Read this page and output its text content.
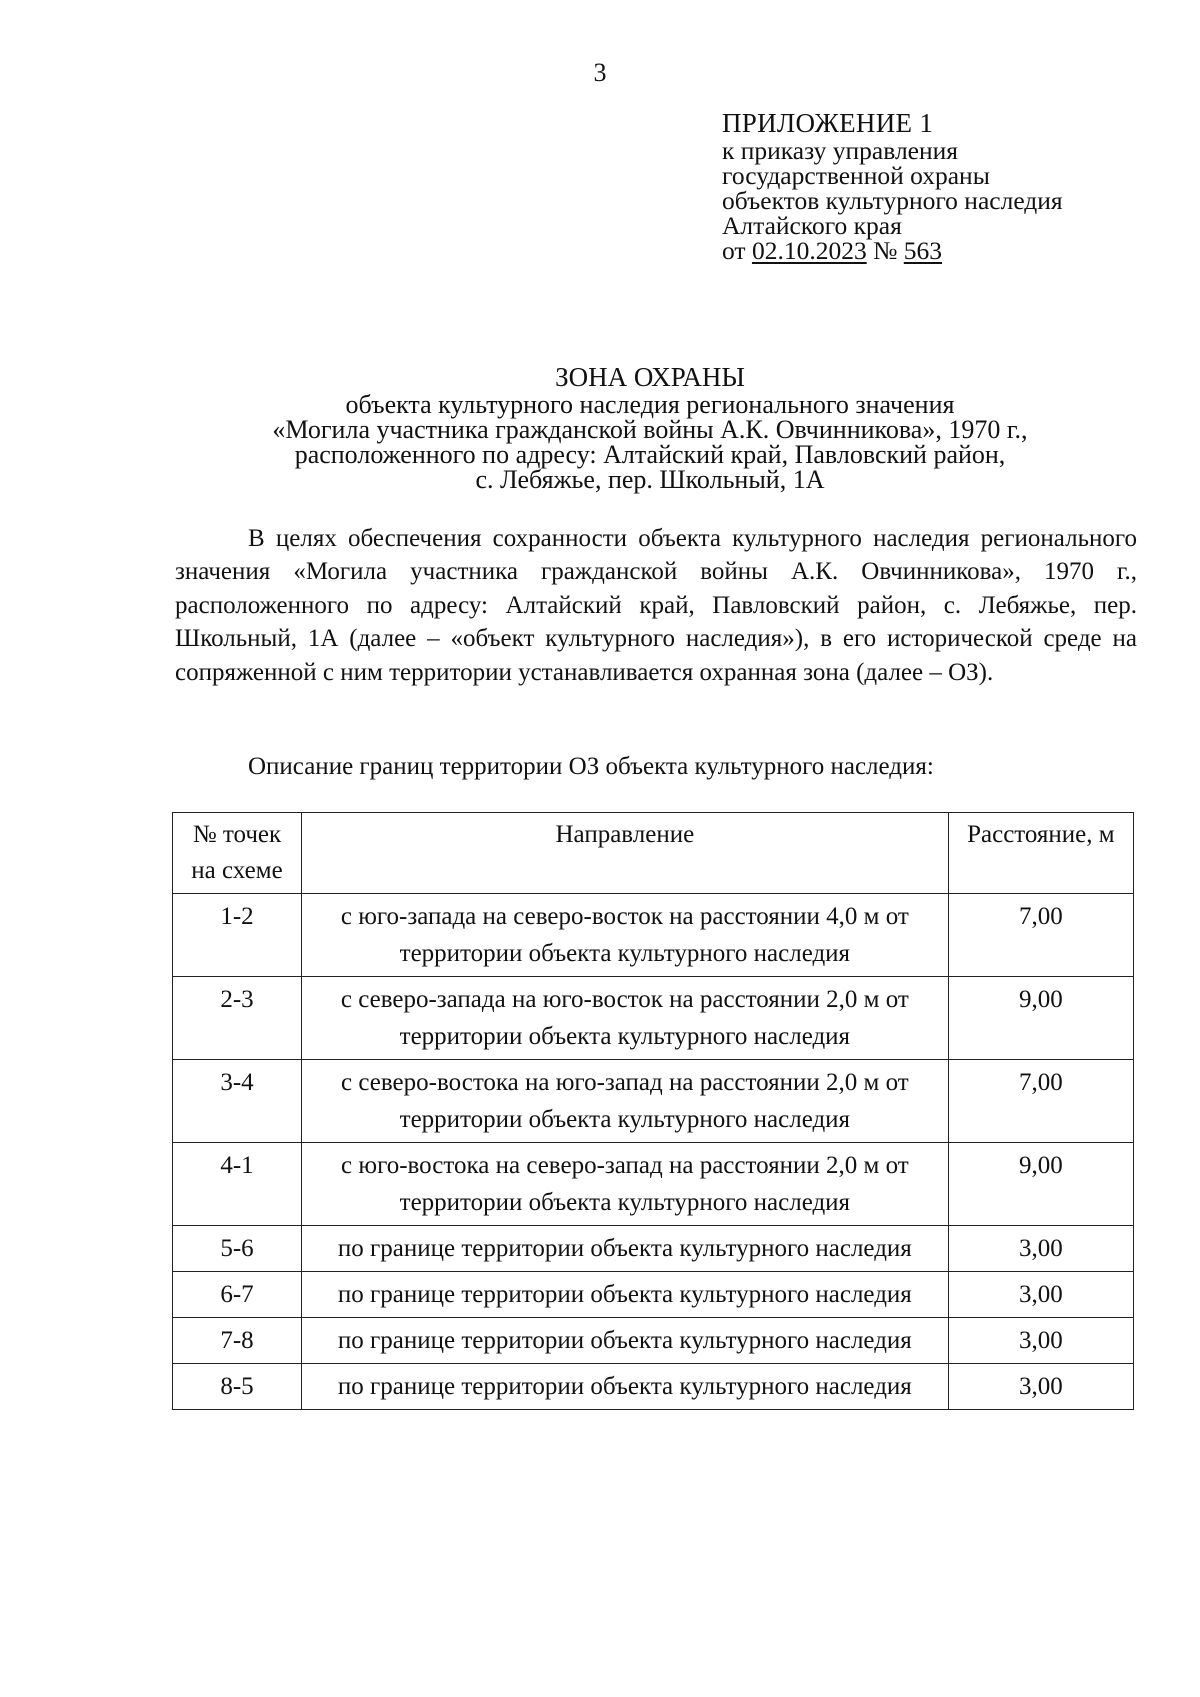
3
ПРИЛОЖЕНИЕ 1
к приказу управления
государственной охраны
объектов культурного наследия
Алтайского края
от 02.10.2023 № 563
ЗОНА ОХРАНЫ
объекта культурного наследия регионального значения
«Могила участника гражданской войны А.К. Овчинникова», 1970 г.,
расположенного по адресу: Алтайский край, Павловский район,
с. Лебяжье, пер. Школьный, 1А

В целях обеспечения сохранности объекта культурного наследия регионального значения «Могила участника гражданской войны А.К. Овчинникова», 1970 г., расположенного по адресу: Алтайский край, Павловский район, с. Лебяжье, пер. Школьный, 1А (далее – «объект культурного наследия»), в его исторической среде на сопряженной с ним территории устанавливается охранная зона (далее – ОЗ).

Описание границ территории ОЗ объекта культурного наследия:
№ точек
на схеме	Направление	Расстояние, м
1-2	с юго-запада на северо-восток на расстоянии 4,0 м от территории объекта культурного наследия	7,00
2-3	с северо-запада на юго-восток на расстоянии 2,0 м от территории объекта культурного наследия	9,00
3-4	с северо-востока на юго-запад на расстоянии 2,0 м от территории объекта культурного наследия	7,00
4-1	с юго-востока на северо-запад на расстоянии 2,0 м от территории объекта культурного наследия	9,00
5-6	по границе территории объекта культурного наследия	3,00
6-7	по границе территории объекта культурного наследия	3,00
7-8	по границе территории объекта культурного наследия	3,00
8-5	по границе территории объекта культурного наследия	3,00
